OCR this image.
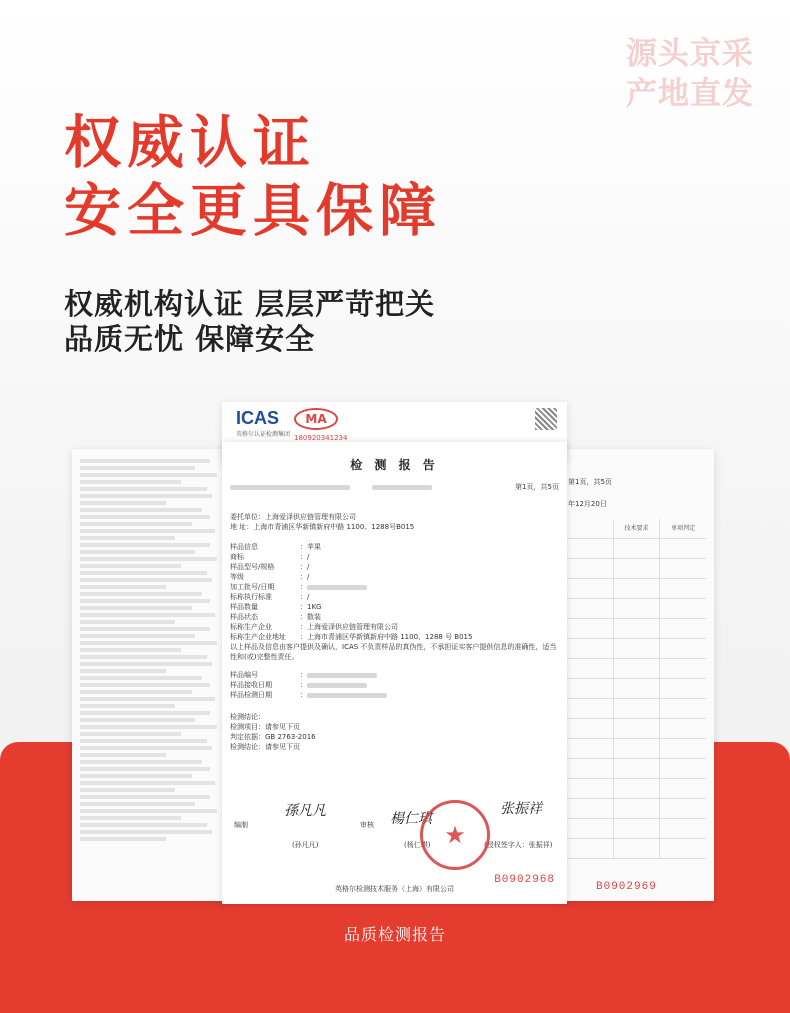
源头京采
产地直发
权威认证
安全更具保障
权威机构认证 层层严苛把关
品质无忧 保障安全
第1页，共5页
年12月20日
技术要求	单项判定
B0902969
ICAS
英格尔认证检测集团
MA
180920341234
检 测 报 告

第1页，共5页
委托单位：上海爱泽供应链管理有限公司
地 址：上海市青浦区华新镇新府中路 1100、1288号B015
样品信息	：苹果
商标	：/
样品型号/规格	：/
等级	：/
加工批号/日期	：
标称执行标准	：/
样品数量	：1KG
样品状态	：散装
标称生产企业	：上海爱泽供应链管理有限公司
标称生产企业地址 ：上海市青浦区华新镇新府中路 1100、1288 号 B015
以上样品及信息由客户提供及确认，ICAS 不负责样品的真伪性，不承担证实客户提供信息的准确性，适当性和(或)完整性责任。
样品编号	：
样品接收日期	：
样品检测日期	：
检测结论：
检测项目：请参见下页
判定依据：GB 2763-2016
检测结论：请参见下页
孫凡凡	楊仁琪
张振祥
编制	审核
(孙凡凡)	(杨仁琪)	(授权签字人：张振祥)
★
英格尔检测技术服务（上海）有限公司
B0902968
品质检测报告
